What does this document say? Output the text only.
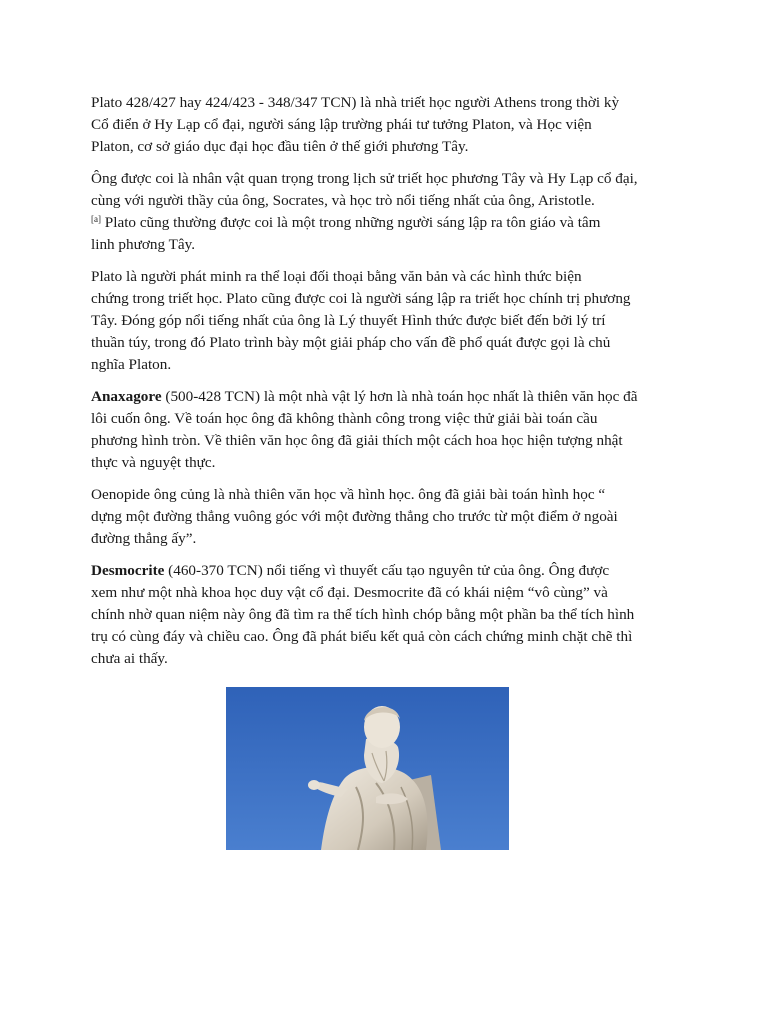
Plato 428/427 hay 424/423 - 348/347 TCN) là nhà triết học người Athens trong thời kỳ
Cổ điển ở Hy Lạp cổ đại, người sáng lập trường phái tư tưởng Platon, và Học viện
Platon, cơ sở giáo dục đại học đầu tiên ở thế giới phương Tây.

Ông được coi là nhân vật quan trọng trong lịch sử triết học phương Tây và Hy Lạp cổ đại,
cùng với người thầy của ông, Socrates, và học trò nổi tiếng nhất của ông, Aristotle.
[a] Plato cũng thường được coi là một trong những người sáng lập ra tôn giáo và tâm
linh phương Tây.

Plato là người phát minh ra thể loại đối thoại bằng văn bản và các hình thức biện
chứng trong triết học. Plato cũng được coi là người sáng lập ra triết học chính trị phương
Tây. Đóng góp nổi tiếng nhất của ông là Lý thuyết Hình thức được biết đến bởi lý trí
thuần túy, trong đó Plato trình bày một giải pháp cho vấn đề phổ quát được gọi là chủ
nghĩa Platon.

Anaxagore (500-428 TCN) là một nhà vật lý hơn là nhà toán học nhất là thiên văn học đã
lôi cuốn ông. Về toán học ông đã không thành công trong việc thử giải bài toán cầu
phương hình tròn. Về thiên văn học ông đã giải thích một cách hoa học hiện tượng nhật
thực và nguyệt thực.

Oenopide ông củng là nhà thiên văn học vầ hình học. ông đã giải bài toán hình học “
dựng một đường thẳng vuông góc với một đường thẳng cho trước từ một điểm ở ngoài
đường thẳng ấy”.

Desmocrite (460-370 TCN) nổi tiếng vì thuyết cấu tạo nguyên tử của ông. Ông được
xem như một nhà khoa học duy vật cổ đại. Desmocrite đã có khái niệm “vô cùng” và
chính nhờ quan niệm này ông đã tìm ra thể tích hình chóp bằng một phần ba thể tích hình
trụ có cùng đáy và chiều cao. Ông đã phát biểu kết quả còn cách chứng minh chặt chẽ thì
chưa ai thấy.
